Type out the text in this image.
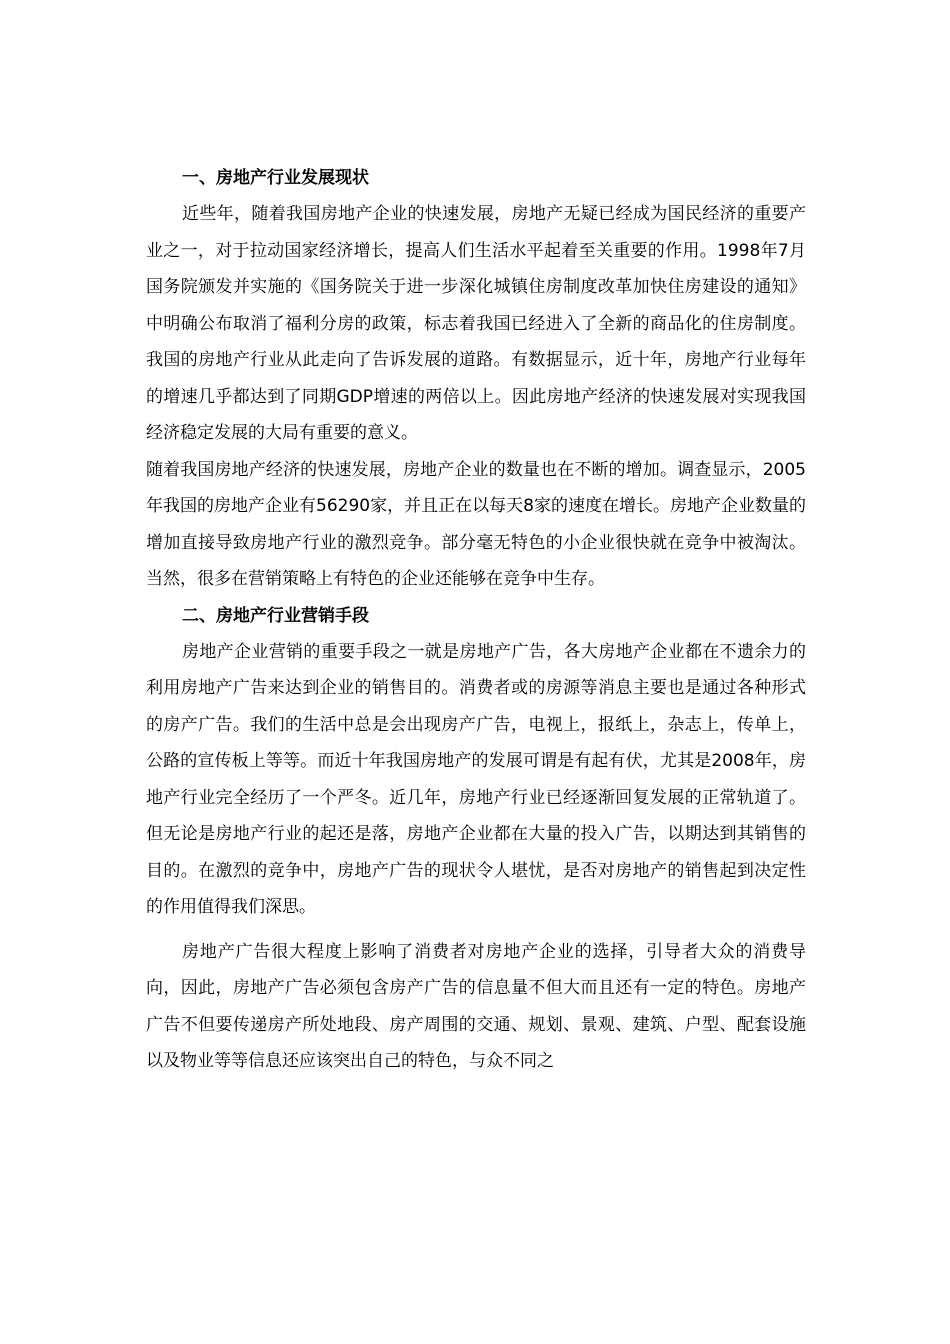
一、房地产行业发展现状

近些年，随着我国房地产企业的快速发展，房地产无疑已经成为国民经济的重要产业之一，对于拉动国家经济增长，提高人们生活水平起着至关重要的作用。1998年7月国务院颁发并实施的《国务院关于进一步深化城镇住房制度改革加快住房建设的通知》中明确公布取消了福利分房的政策，标志着我国已经进入了全新的商品化的住房制度。我国的房地产行业从此走向了告诉发展的道路。有数据显示，近十年，房地产行业每年的增速几乎都达到了同期GDP增速的两倍以上。因此房地产经济的快速发展对实现我国经济稳定发展的大局有重要的意义。

随着我国房地产经济的快速发展，房地产企业的数量也在不断的增加。调查显示，2005年我国的房地产企业有56290家，并且正在以每天8家的速度在增长。房地产企业数量的增加直接导致房地产行业的激烈竞争。部分毫无特色的小企业很快就在竞争中被淘汰。当然，很多在营销策略上有特色的企业还能够在竞争中生存。

二、房地产行业营销手段

房地产企业营销的重要手段之一就是房地产广告，各大房地产企业都在不遗余力的利用房地产广告来达到企业的销售目的。消费者或的房源等消息主要也是通过各种形式的房产广告。我们的生活中总是会出现房产广告，电视上，报纸上，杂志上，传单上，公路的宣传板上等等。而近十年我国房地产的发展可谓是有起有伏，尤其是2008年，房地产行业完全经历了一个严冬。近几年，房地产行业已经逐渐回复发展的正常轨道了。但无论是房地产行业的起还是落，房地产企业都在大量的投入广告，以期达到其销售的目的。在激烈的竞争中，房地产广告的现状令人堪忧，是否对房地产的销售起到决定性的作用值得我们深思。

房地产广告很大程度上影响了消费者对房地产企业的选择，引导者大众的消费导向，因此，房地产广告必须包含房产广告的信息量不但大而且还有一定的特色。房地产广告不但要传递房产所处地段、房产周围的交通、规划、景观、建筑、户型、配套设施以及物业等等信息还应该突出自己的特色，与众不同之
